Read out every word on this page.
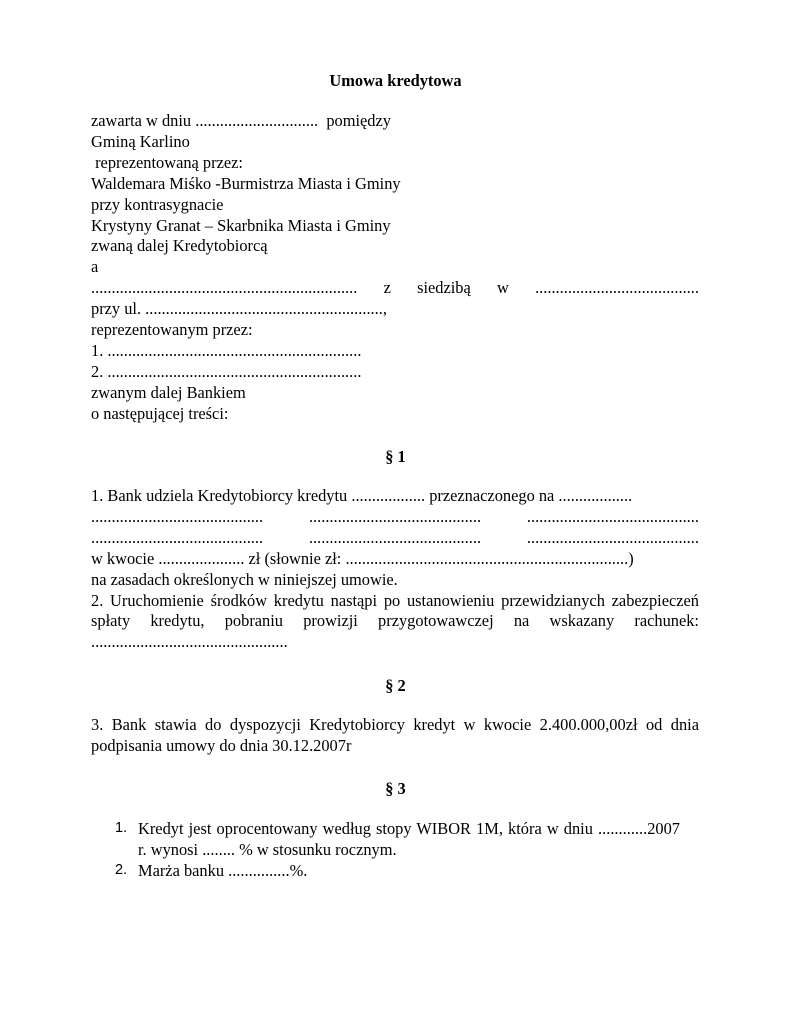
Umowa kredytowa
zawarta w dniu ..............................  pomiędzy
Gminą Karlino
reprezentowaną przez:
Waldemara Miśko -Burmistrza Miasta i Gminy
przy kontrasygnacie
Krystyny Granat – Skarbnika Miasta i Gminy
zwaną dalej Kredytobiorcą
a
................................................................. z siedzibą w ........................................
przy ul. ..........................................................,
reprezentowanym przez:
1. ..............................................................
2. ..............................................................
zwanym dalej Bankiem
o następującej treści:
§ 1
1. Bank udziela Kredytobiorcy kredytu .................. przeznaczonego na ..................
..........................................	..........................................	..........................................
..........................................	..........................................	..........................................
w kwocie ..................... zł (słownie zł: .....................................................................)
na zasadach określonych w niniejszej umowie.
2. Uruchomienie środków kredytu nastąpi po ustanowieniu przewidzianych zabezpieczeń spłaty kredytu, pobraniu prowizji przygotowawczej na wskazany rachunek: ................................................
§ 2
3. Bank stawia do dyspozycji Kredytobiorcy kredyt w kwocie 2.400.000,00zł od dnia podpisania umowy do dnia 30.12.2007r
§ 3
1. Kredyt jest oprocentowany według stopy WIBOR 1M, która w dniu ............2007 r. wynosi ........ % w stosunku rocznym.
2. Marża banku ...............%.
